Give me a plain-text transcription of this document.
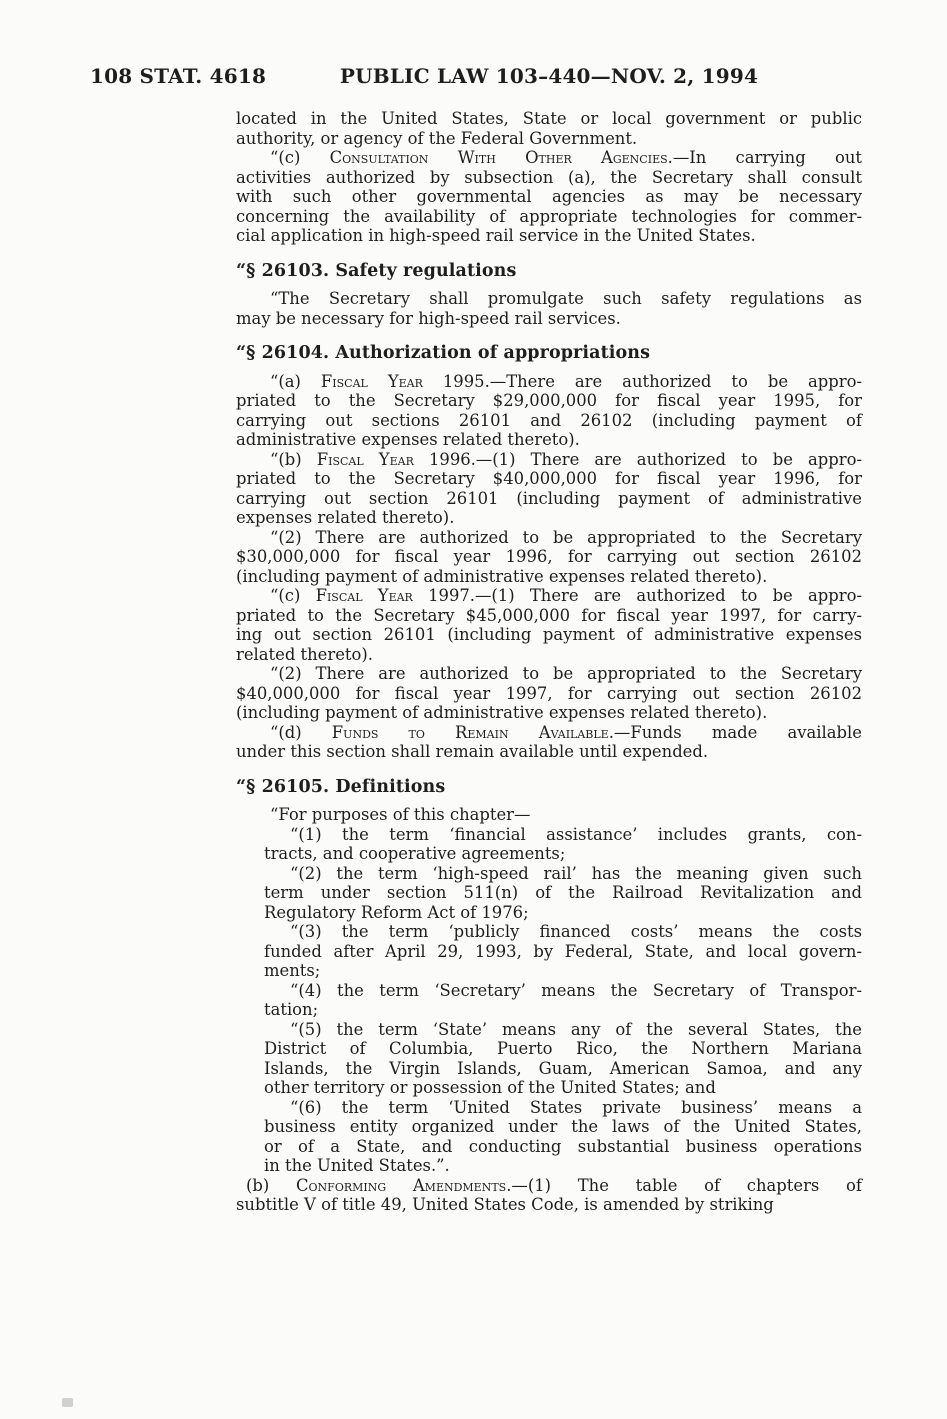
108 STAT. 4618	PUBLIC LAW 103–440—NOV. 2, 1994
located in the United States, State or local government or public
authority, or agency of the Federal Government.
“(c) Consultation With Other Agencies.—In carrying out
activities authorized by subsection (a), the Secretary shall consult
with such other governmental agencies as may be necessary
concerning the availability of appropriate technologies for commer-
cial application in high-speed rail service in the United States.
“§ 26103. Safety regulations
“The Secretary shall promulgate such safety regulations as
may be necessary for high-speed rail services.
“§ 26104. Authorization of appropriations
“(a) Fiscal Year 1995.—There are authorized to be appro-
priated to the Secretary $29,000,000 for fiscal year 1995, for
carrying out sections 26101 and 26102 (including payment of
administrative expenses related thereto).
“(b) Fiscal Year 1996.—(1) There are authorized to be appro-
priated to the Secretary $40,000,000 for fiscal year 1996, for
carrying out section 26101 (including payment of administrative
expenses related thereto).
“(2) There are authorized to be appropriated to the Secretary
$30,000,000 for fiscal year 1996, for carrying out section 26102
(including payment of administrative expenses related thereto).
“(c) Fiscal Year 1997.—(1) There are authorized to be appro-
priated to the Secretary $45,000,000 for fiscal year 1997, for carry-
ing out section 26101 (including payment of administrative expenses
related thereto).
“(2) There are authorized to be appropriated to the Secretary
$40,000,000 for fiscal year 1997, for carrying out section 26102
(including payment of administrative expenses related thereto).
“(d) Funds to Remain Available.—Funds made available
under this section shall remain available until expended.
“§ 26105. Definitions
“For purposes of this chapter—
“(1) the term ‘financial assistance’ includes grants, con-
tracts, and cooperative agreements;
“(2) the term ‘high-speed rail’ has the meaning given such
term under section 511(n) of the Railroad Revitalization and
Regulatory Reform Act of 1976;
“(3) the term ‘publicly financed costs’ means the costs
funded after April 29, 1993, by Federal, State, and local govern-
ments;
“(4) the term ‘Secretary’ means the Secretary of Transpor-
tation;
“(5) the term ‘State’ means any of the several States, the
District of Columbia, Puerto Rico, the Northern Mariana
Islands, the Virgin Islands, Guam, American Samoa, and any
other territory or possession of the United States; and
“(6) the term ‘United States private business’ means a
business entity organized under the laws of the United States,
or of a State, and conducting substantial business operations
in the United States.”.
(b) Conforming Amendments.—(1) The table of chapters of
subtitle V of title 49, United States Code, is amended by striking
